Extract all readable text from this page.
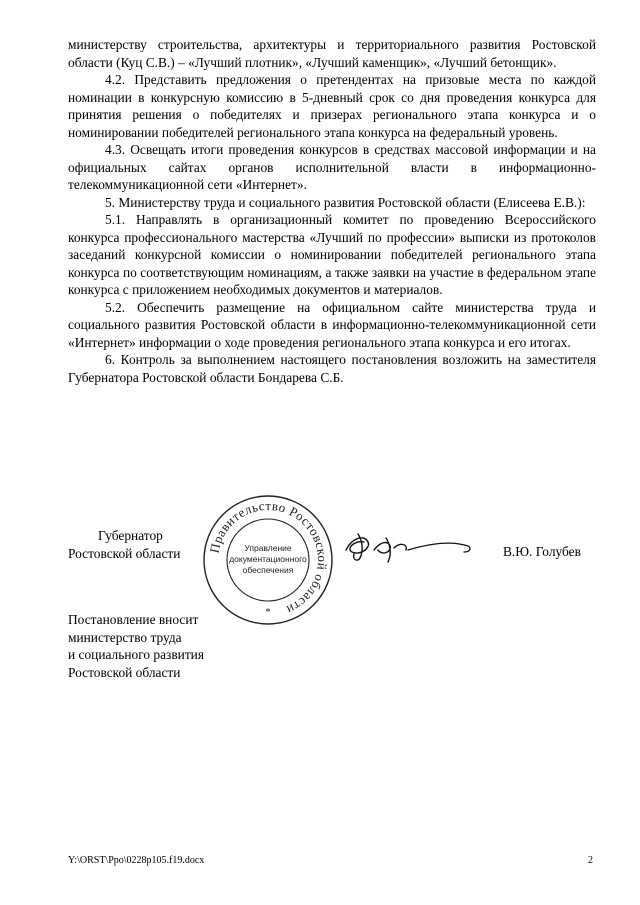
министерству строительства, архитектуры и территориального развития Ростовской области (Куц С.В.) – «Лучший плотник», «Лучший каменщик», «Лучший бетонщик».

4.2. Представить предложения о претендентах на призовые места по каждой номинации в конкурсную комиссию в 5-дневный срок со дня проведения конкурса для принятия решения о победителях и призерах регионального этапа конкурса и о номинировании победителей регионального этапа конкурса на федеральный уровень.

4.3. Освещать итоги проведения конкурсов в средствах массовой информации и на официальных сайтах органов исполнительной власти в информационно-телекоммуникационной сети «Интернет».

5. Министерству труда и социального развития Ростовской области (Елисеева Е.В.):

5.1. Направлять в организационный комитет по проведению Всероссийского конкурса профессионального мастерства «Лучший по профессии» выписки из протоколов заседаний конкурсной комиссии о номинировании победителей регионального этапа конкурса по соответствующим номинациям, а также заявки на участие в федеральном этапе конкурса с приложением необходимых документов и материалов.

5.2. Обеспечить размещение на официальном сайте министерства труда и социального развития Ростовской области в информационно-телекоммуникационной сети «Интернет» информации о ходе проведения регионального этапа конкурса и его итогах.

6. Контроль за выполнением настоящего постановления возложить на заместителя Губернатора Ростовской области Бондарева С.Б.

Губернатор
Ростовской области	Правительство Ростовской области
Управление
документационного
обеспечения
*
В.Ю. Голубев
Постановление вносит
министерство труда
и социального развития
Ростовской области
Y:\ORST\Ppo\0228p105.f19.docx	2
